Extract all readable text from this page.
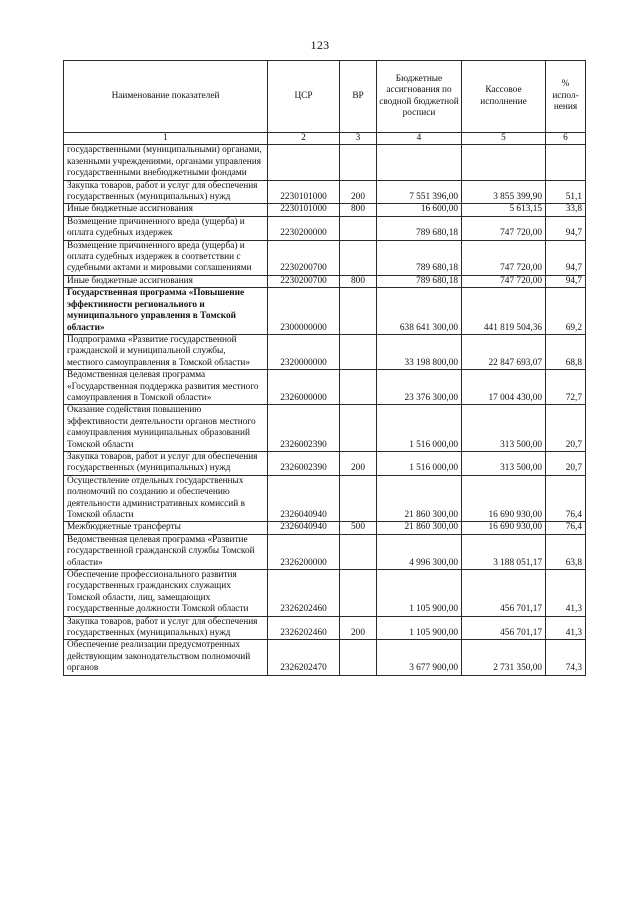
123
Наименование показателей	ЦСР	ВР	Бюджетные ассигнования по сводной бюджетной росписи	Кассовое исполнение	% испол-нения
1	2	3	4	5	6
государственными (муниципальными) органами, казенными учреждениями, органами управления государственными внебюджетными фондами					
Закупка товаров, работ и услуг для обеспечения государственных (муниципальных) нужд	2230101000	200	7 551 396,00	3 855 399,90	51,1
Иные бюджетные ассигнования	2230101000	800	16 600,00	5 613,15	33,8
Возмещение причиненного вреда (ущерба) и оплата судебных издержек	2230200000		789 680,18	747 720,00	94,7
Возмещение причиненного вреда (ущерба) и оплата судебных издержек в соответствии с судебными актами и мировыми соглашениями	2230200700		789 680,18	747 720,00	94,7
Иные бюджетные ассигнования	2230200700	800	789 680,18	747 720,00	94,7
Государственная программа «Повышение эффективности регионального и муниципального управления в Томской области»	2300000000		638 641 300,00	441 819 504,36	69,2
Подпрограмма «Развитие государственной гражданской и муниципальной службы, местного самоуправления в Томской области»	2320000000		33 198 800,00	22 847 693,07	68,8
Ведомственная целевая программа «Государственная поддержка развития местного самоуправления в Томской области»	2326000000		23 376 300,00	17 004 430,00	72,7
Оказание содействия повышению эффективности деятельности органов местного самоуправления муниципальных образований Томской области	2326002390		1 516 000,00	313 500,00	20,7
Закупка товаров, работ и услуг для обеспечения государственных (муниципальных) нужд	2326002390	200	1 516 000,00	313 500,00	20,7
Осуществление отдельных государственных полномочий по созданию и обеспечению деятельности административных комиссий в Томской области	2326040940		21 860 300,00	16 690 930,00	76,4
Межбюджетные трансферты	2326040940	500	21 860 300,00	16 690 930,00	76,4
Ведомственная целевая программа «Развитие государственной гражданской службы Томской области»	2326200000		4 996 300,00	3 188 051,17	63,8
Обеспечение профессионального развития государственных гражданских служащих Томской области, лиц, замещающих государственные должности Томской области	2326202460		1 105 900,00	456 701,17	41,3
Закупка товаров, работ и услуг для обеспечения государственных (муниципальных) нужд	2326202460	200	1 105 900,00	456 701,17	41,3
Обеспечение реализации предусмотренных действующим законодательством полномочий органов	2326202470		3 677 900,00	2 731 350,00	74,3
